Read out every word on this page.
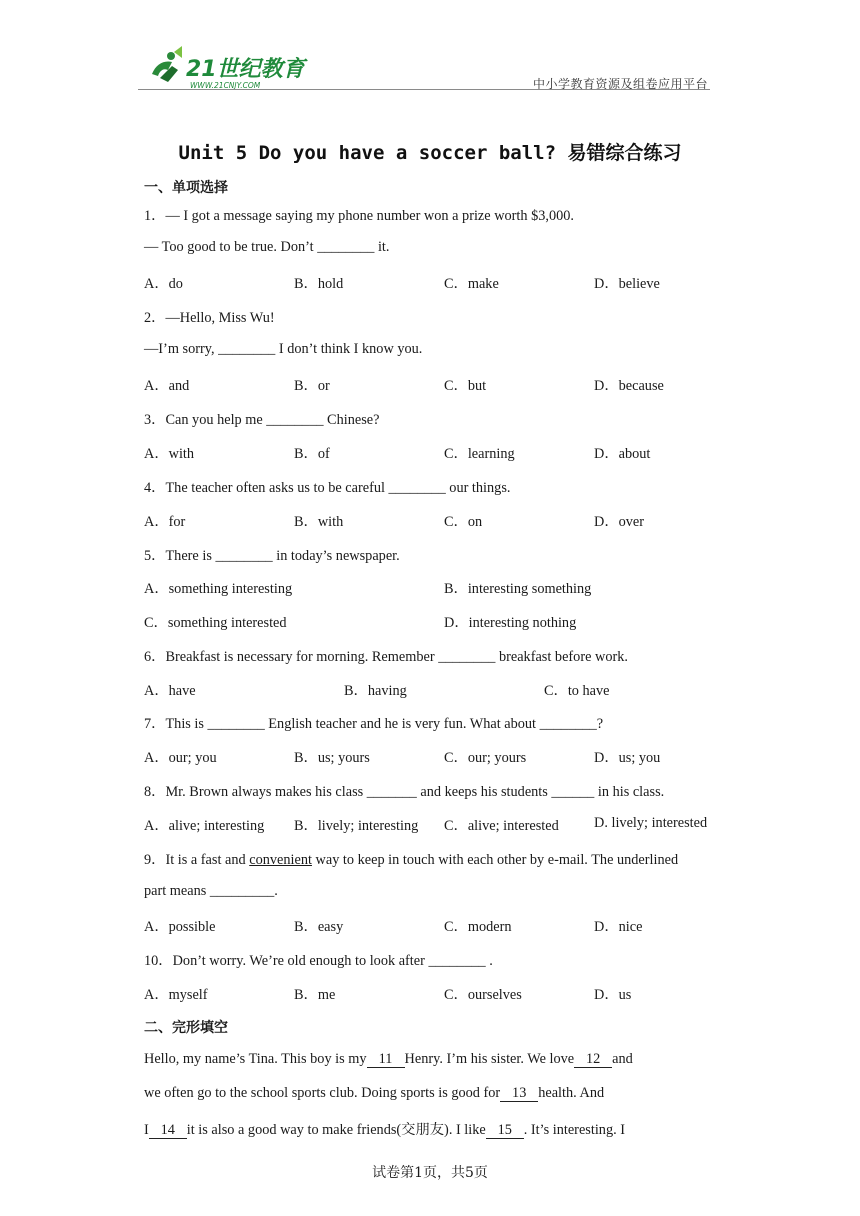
21世纪教育
WWW.21CNJY.COM	中小学教育资源及组卷应用平台
Unit 5 Do you have a soccer ball? 易错综合练习
一、单项选择
1．— I got a message saying my phone number won a prize worth $3,000.
— Too good to be true. Don’t ________ it.
A．do	B．hold	C．make	D．believe
2．—Hello, Miss Wu!
—I’m sorry, ________ I don’t think I know you.
A．and	B．or	C．but	D．because
3．Can you help me ________ Chinese?
A．with	B．of	C．learning	D．about
4．The teacher often asks us to be careful ________ our things.
A．for	B．with	C．on	D．over
5．There is ________ in today’s newspaper.
A．something interesting	B．interesting something
C．something interested	D．interesting nothing
6．Breakfast is necessary for morning. Remember ________ breakfast before work.
A．have	B．having	C．to have
7．This is ________ English teacher and he is very fun. What about ________?
A．our; you	B．us; yours	C．our; yours	D．us; you
8．Mr. Brown always makes his class _______ and keeps his students ______ in his class.
A．alive; interesting B．lively; interesting C．alive; interested D. lively; interested
9．It is a fast and convenient way to keep in touch with each other by e-mail. The underlined
part means _________.
A．possible	B．easy	C．modern	D．nice
10．Don’t worry. We’re old enough to look after ________ .
A．myself	B．me	C．ourselves	D．us
二、完形填空
Hello, my name’s Tina. This boy is my 11 Henry. I’m his sister. We love 12 and
we often go to the school sports club. Doing sports is good for 13 health. And
I 14 it is also a good way to make friends(交朋友). I like 15 . It’s interesting. I
试卷第1页，共5页
